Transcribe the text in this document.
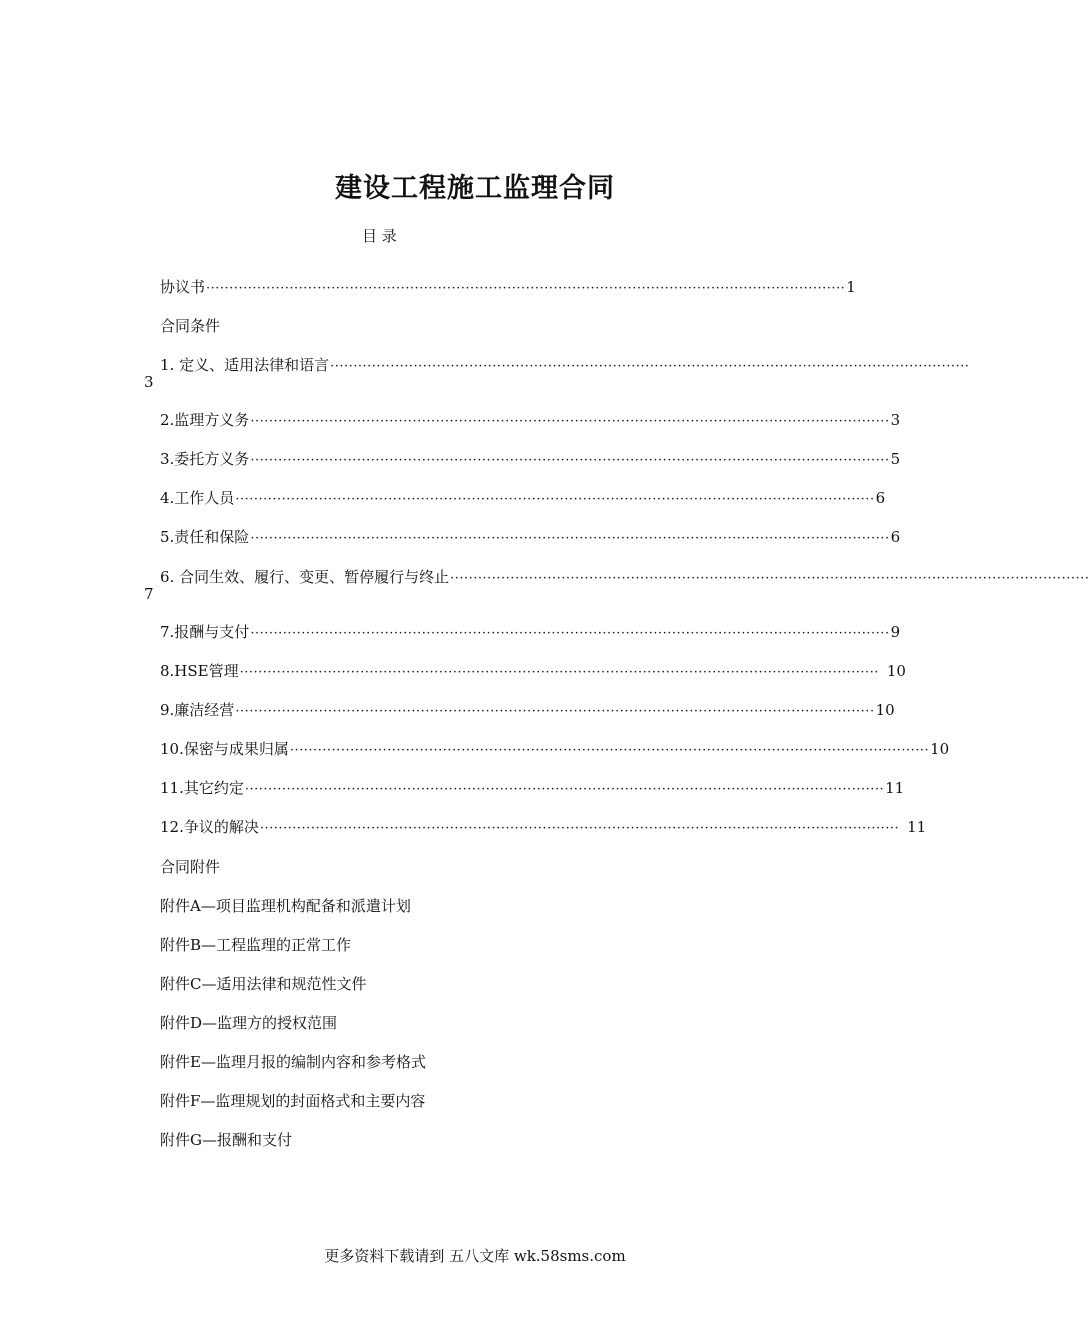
建设工程施工监理合同
目 录
协议书 ·········································································································································· 1
合同条件
1. 定义、适用法律和语言 ··········································································································································
3
2.监理方义务 ·········································································································································· 3
3.委托方义务 ·········································································································································· 5
4.工作人员 ·········································································································································· 6
5.责任和保险 ·········································································································································· 6
6. 合同生效、履行、变更、暂停履行与终止 ··········································································································································
7
7.报酬与支付 ·········································································································································· 9
8.HSE管理 ·········································································································································· 10
9.廉洁经营 ·········································································································································· 10
10.保密与成果归属 ·········································································································································· 10
11.其它约定 ·········································································································································· 11
12.争议的解决 ·········································································································································· 11
合同附件
附件A—项目监理机构配备和派遣计划
附件B—工程监理的正常工作
附件C—适用法律和规范性文件
附件D—监理方的授权范围
附件E—监理月报的编制内容和参考格式
附件F—监理规划的封面格式和主要内容
附件G—报酬和支付
更多资料下载请到 五八文库 wk.58sms.com
